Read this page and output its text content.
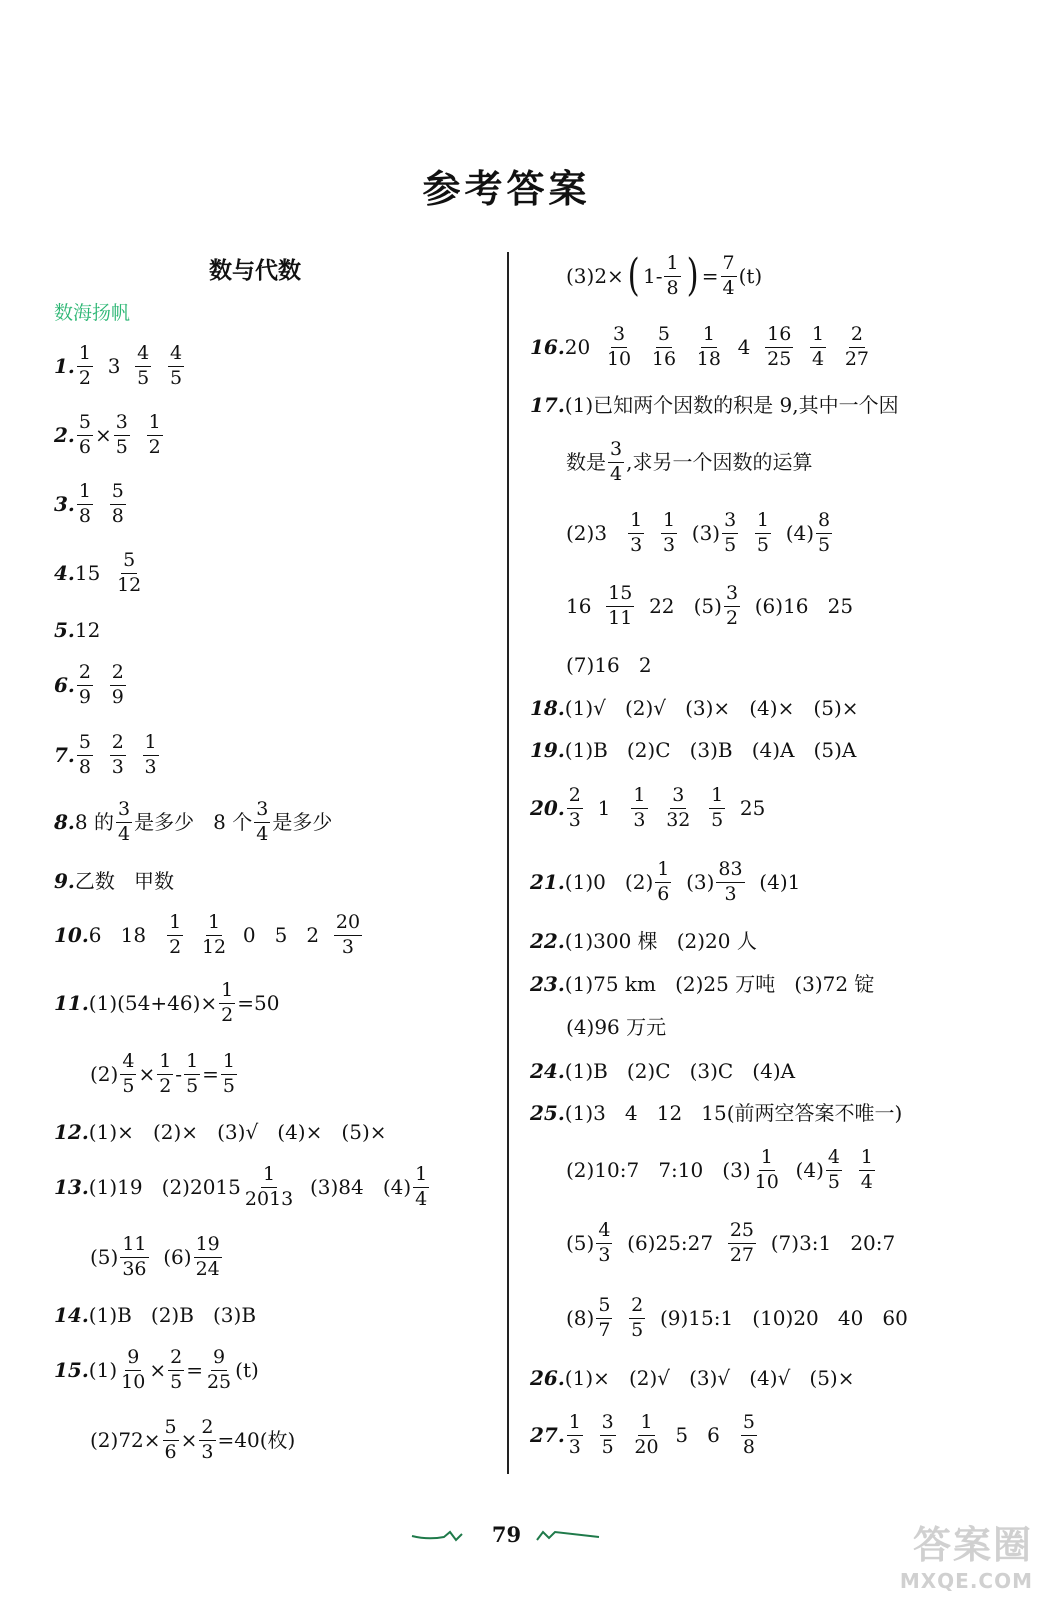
参考答案
数与代数
数海扬帆
1. $\frac{1}{2} 3 \frac{4}{5}$
$\frac{4}{5}$
2. $\frac{5}{6} \times \frac{3}{5}$
$\frac{1}{2}$
3. $\frac{1}{8}$
$\frac{5}{8}$
4. $15 \frac{5}{12}$
5. 12
6. $\frac{2}{9}$
$\frac{2}{9}$
7. $\frac{5}{8}$
$\frac{2}{3}$
$\frac{1}{3}$
8. 8 的 $\frac{3}{4}$ 是多少   8 个 $\frac{3}{4}$ 是多少
9. 乙数   甲数
10. 6   $18 \frac{1}{2}$
$\frac{1}{12} 0$   5   $2 \frac{20}{3}$
11. $(1)(54+46)\times \frac{1}{2} =50$
$(2) \frac{4}{5} \times \frac{1}{2} - \frac{1}{5} = \frac{1}{5}$
12. (1)×   (2)×   (3)√   (4)×   (5)×
13. (1)19   $(2)2015 \frac{1}{2013} (3)84$   $(4) \frac{1}{4}$
$(5) \frac{11}{36} (6) \frac{19}{24}$
14. (1)B   (2)B   (3)B
15. $(1) \frac{9}{10} \times \frac{2}{5} = \frac{9}{25} (t)$
$(2)72\times \frac{5}{6} \times \frac{2}{3} =40$(枚)
(3)2× ( $1- \frac{1}{8}$ ) = $\frac{7}{4} (t)$
16. $20 \frac{3}{10}$
$\frac{5}{16}$
$\frac{1}{18} 4 \frac{16}{25}$
$\frac{1}{4}$
$\frac{2}{27}$
17. (1)已知两个因数的积是 9,其中一个因
数是 $\frac{3}{4}$ ,求另一个因数的运算
$(2)3 \frac{1}{3}$
$\frac{1}{3} (3) \frac{3}{5}$
$\frac{1}{5} (4) \frac{8}{5}$
$16 \frac{15}{11} 22$   $(5) \frac{3}{2} (6)16$   25
(7)16   2
18. (1)√   (2)√   (3)×   (4)×   (5)×
19. (1)B   (2)C   (3)B   (4)A   (5)A
20. $\frac{2}{3} 1 \frac{1}{3}$
$\frac{3}{32}$
$\frac{1}{5} 25$
21. (1)0   $(2) \frac{1}{6} (3) \frac{83}{3} (4)1$
22. (1)300 棵   (2)20 人
23. (1)75 km   (2)25 万吨   (3)72 锭
(4)96 万元
24. (1)B   (2)C   (3)C   (4)A
25. (1)3   4   12   15(前两空答案不唯一)
(2)10:7   7:10   $(3) \frac{1}{10} (4) \frac{4}{5}$
$\frac{1}{4}$
$(5) \frac{4}{3}$ (6)25:27 $\frac{25}{27}$ (7)3:1   20:7
$(8) \frac{5}{7}$
$\frac{2}{5}$ (9)15:1   (10)20   40   60
26. (1)×   (2)√   (3)√   (4)√   (5)×
27. $\frac{1}{3}$
$\frac{3}{5}$
$\frac{1}{20} 5$   $6 \frac{5}{8}$
79	答案圈
MXQE.COM
